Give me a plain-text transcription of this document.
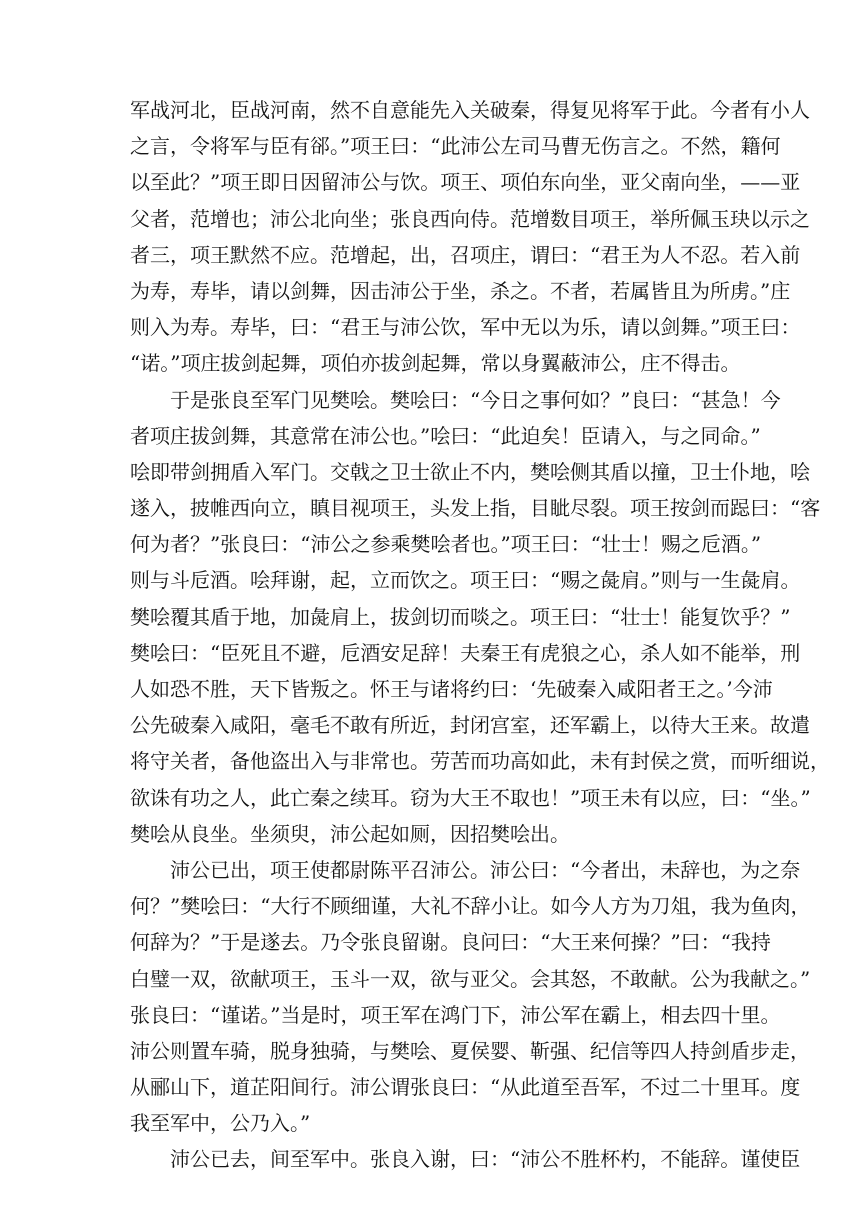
军战河北，臣战河南，然不自意能先入关破秦，得复见将军于此。今者有小人
之言，令将军与臣有郤。”项王曰：“此沛公左司马曹无伤言之。不然，籍何
以至此？”项王即日因留沛公与饮。项王、项伯东向坐，亚父南向坐，——亚
父者，范增也；沛公北向坐；张良西向侍。范增数目项王，举所佩玉玦以示之
者三，项王默然不应。范增起，出，召项庄，谓曰：“君王为人不忍。若入前
为寿，寿毕，请以剑舞，因击沛公于坐，杀之。不者，若属皆且为所虏。”庄
则入为寿。寿毕，曰：“君王与沛公饮，军中无以为乐，请以剑舞。”项王曰：
“诺。”项庄拔剑起舞，项伯亦拔剑起舞，常以身翼蔽沛公，庄不得击。
于是张良至军门见樊哙。樊哙曰：“今日之事何如？”良曰：“甚急！今
者项庄拔剑舞，其意常在沛公也。”哙曰：“此迫矣！臣请入，与之同命。”
哙即带剑拥盾入军门。交戟之卫士欲止不内，樊哙侧其盾以撞，卫士仆地，哙
遂入，披帷西向立，瞋目视项王，头发上指，目眦尽裂。项王按剑而跽曰：“客
何为者？”张良曰：“沛公之参乘樊哙者也。”项王曰：“壮士！赐之卮酒。”
则与斗卮酒。哙拜谢，起，立而饮之。项王曰：“赐之彘肩。”则与一生彘肩。
樊哙覆其盾于地，加彘肩上，拔剑切而啖之。项王曰：“壮士！能复饮乎？”
樊哙曰：“臣死且不避，卮酒安足辞！夫秦王有虎狼之心，杀人如不能举，刑
人如恐不胜，天下皆叛之。怀王与诸将约曰：‘先破秦入咸阳者王之。’今沛
公先破秦入咸阳，毫毛不敢有所近，封闭宫室，还军霸上，以待大王来。故遣
将守关者，备他盗出入与非常也。劳苦而功高如此，未有封侯之赏，而听细说，
欲诛有功之人，此亡秦之续耳。窃为大王不取也！”项王未有以应，曰：“坐。”
樊哙从良坐。坐须臾，沛公起如厕，因招樊哙出。
沛公已出，项王使都尉陈平召沛公。沛公曰：“今者出，未辞也，为之奈
何？”樊哙曰：“大行不顾细谨，大礼不辞小让。如今人方为刀俎，我为鱼肉，
何辞为？”于是遂去。乃令张良留谢。良问曰：“大王来何操？”曰：“我持
白璧一双，欲献项王，玉斗一双，欲与亚父。会其怒，不敢献。公为我献之。”
张良曰：“谨诺。”当是时，项王军在鸿门下，沛公军在霸上，相去四十里。
沛公则置车骑，脱身独骑，与樊哙、夏侯婴、靳强、纪信等四人持剑盾步走，
从郦山下，道芷阳间行。沛公谓张良曰：“从此道至吾军，不过二十里耳。度
我至军中，公乃入。”
沛公已去，间至军中。张良入谢，曰：“沛公不胜杯杓，不能辞。谨使臣
